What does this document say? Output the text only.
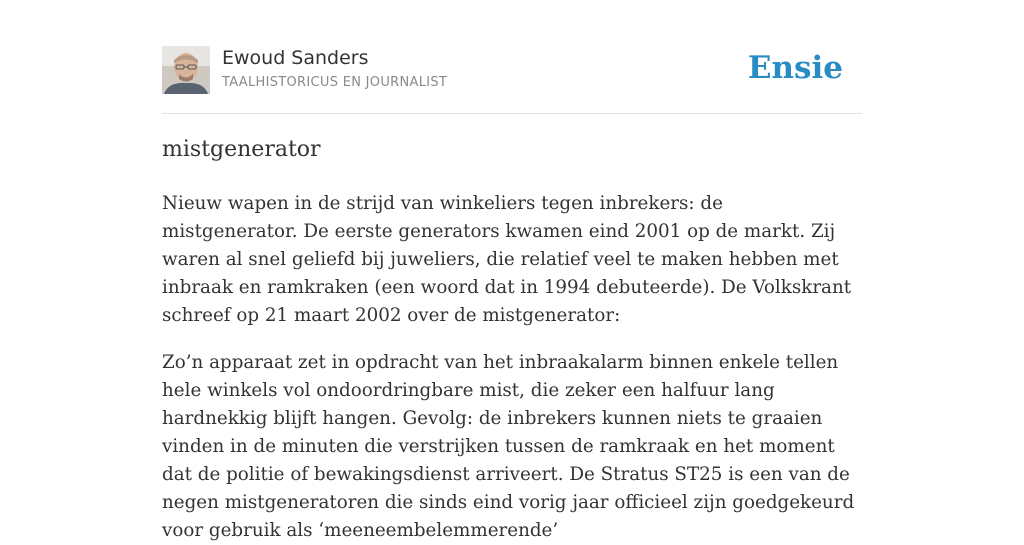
Ewoud Sanders
TAALHISTORICUS EN JOURNALIST	Ensie
mistgenerator

Nieuw wapen in de strijd van winkeliers tegen inbrekers: de mistgenerator. De eerste generators kwamen eind 2001 op de markt. Zij waren al snel geliefd bij juweliers, die relatief veel te maken hebben met inbraak en ramkraken (een woord dat in 1994 debuteerde). De Volkskrant schreef op 21 maart 2002 over de mistgenerator:

Zo’n apparaat zet in opdracht van het inbraakalarm binnen enkele tellen hele winkels vol ondoordringbare mist, die zeker een halfuur lang hardnekkig blijft hangen. Gevolg: de inbrekers kunnen niets te graaien vinden in de minuten die verstrijken tussen de ramkraak en het moment dat de politie of bewakingsdienst arriveert. De Stratus ST25 is een van de negen mistgeneratoren die sinds eind vorig jaar officieel zijn goedgekeurd voor gebruik als ‘meeneembelemmerende’
